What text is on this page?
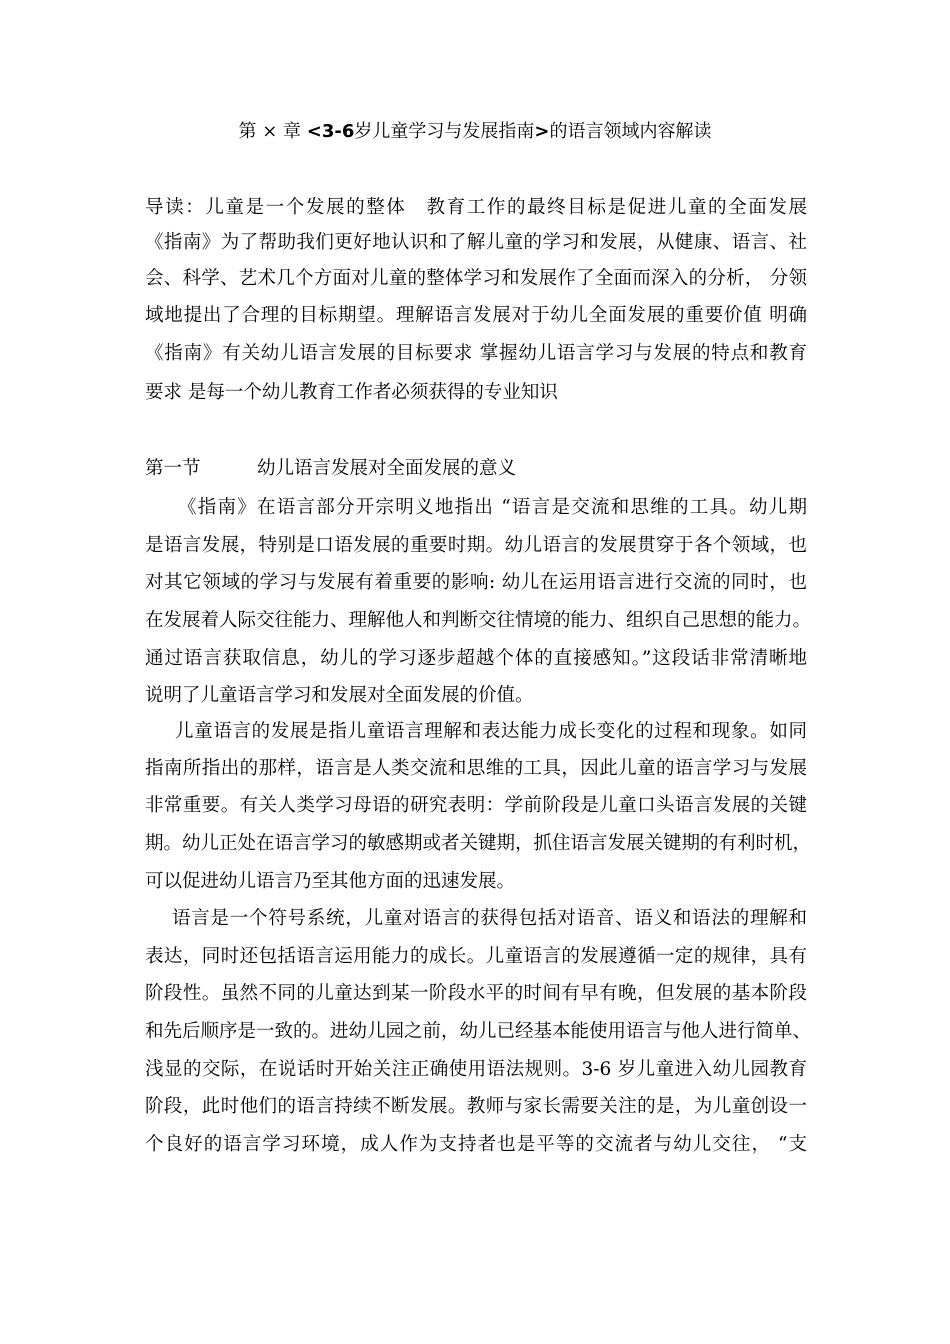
第 × 章 <3-6岁儿童学习与发展指南>的语言领域内容解读
导读：儿童是一个发展的整体　教育工作的最终目标是促进儿童的全面发展
《指南》为了帮助我们更好地认识和了解儿童的学习和发展，从健康、语言、社
会、科学、艺术几个方面对儿童的整体学习和发展作了全面而深入的分析， 分领
域地提出了合理的目标期望。理解语言发展对于幼儿全面发展的重要价值 明确
《指南》有关幼儿语言发展的目标要求 掌握幼儿语言学习与发展的特点和教育
要求 是每一个幼儿教育工作者必须获得的专业知识
第一节	幼儿语言发展对全面发展的意义
《指南》在语言部分开宗明义地指出 “语言是交流和思维的工具。幼儿期
是语言发展，特别是口语发展的重要时期。幼儿语言的发展贯穿于各个领域，也
对其它领域的学习与发展有着重要的影响: 幼儿在运用语言进行交流的同时，也
在发展着人际交往能力、理解他人和判断交往情境的能力、组织自己思想的能力。
通过语言获取信息，幼儿的学习逐步超越个体的直接感知。”这段话非常清晰地
说明了儿童语言学习和发展对全面发展的价值。
儿童语言的发展是指儿童语言理解和表达能力成长变化的过程和现象。如同
指南所指出的那样，语言是人类交流和思维的工具，因此儿童的语言学习与发展
非常重要。有关人类学习母语的研究表明：学前阶段是儿童口头语言发展的关键
期。幼儿正处在语言学习的敏感期或者关键期，抓住语言发展关键期的有利时机，
可以促进幼儿语言乃至其他方面的迅速发展。
语言是一个符号系统，儿童对语言的获得包括对语音、语义和语法的理解和
表达，同时还包括语言运用能力的成长。儿童语言的发展遵循一定的规律，具有
阶段性。虽然不同的儿童达到某一阶段水平的时间有早有晚，但发展的基本阶段
和先后顺序是一致的。进幼儿园之前，幼儿已经基本能使用语言与他人进行简单、
浅显的交际，在说话时开始关注正确使用语法规则。3-6 岁儿童进入幼儿园教育
阶段，此时他们的语言持续不断发展。教师与家长需要关注的是，为儿童创设一
个良好的语言学习环境，成人作为支持者也是平等的交流者与幼儿交往， “支
